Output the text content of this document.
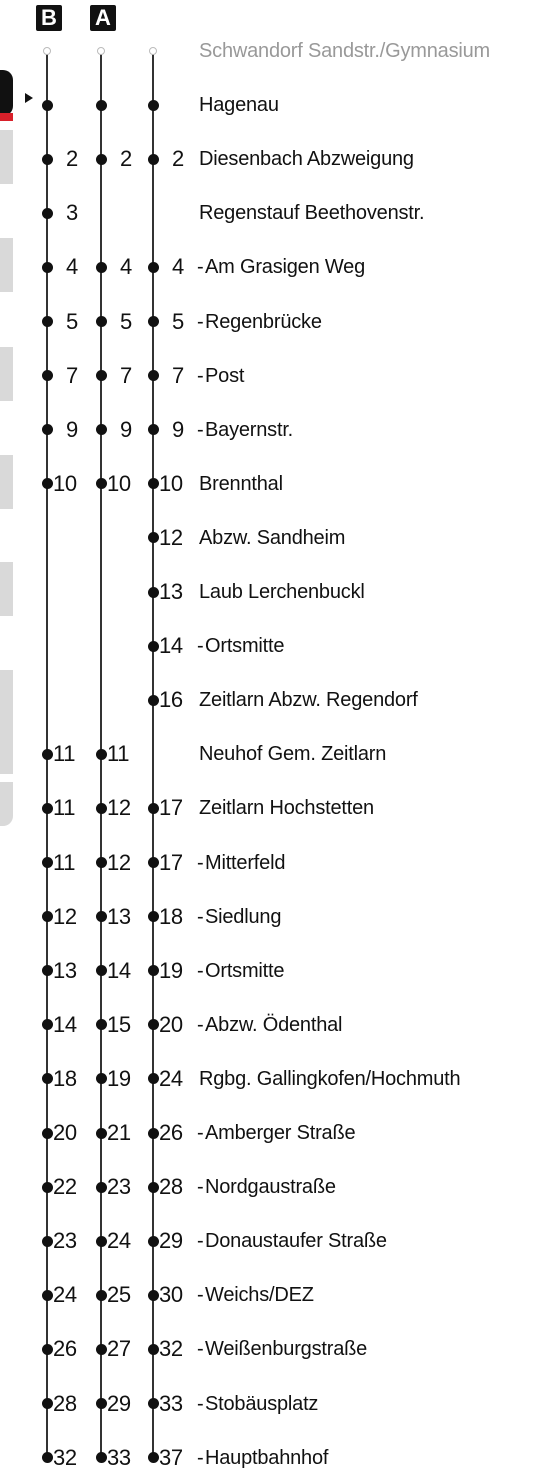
B A
Schwandorf Sandstr./Gymnasium
Hagenau
2 2 2 Diesenbach Abzweigung
3	Regenstauf Beethovenstr.
4 4 4 - Am Grasigen Weg
5 5 5 - Regenbrücke
7 7 7 - Post
9 9 9 - Bayernstr.
10 10 10 Brennthal
12 Abzw. Sandheim
13 Laub Lerchenbuckl
14 - Ortsmitte
16 Zeitlarn Abzw. Regendorf
11 11	Neuhof Gem. Zeitlarn
11 12 17 Zeitlarn Hochstetten
11 12 17 - Mitterfeld
12 13 18 - Siedlung
13 14 19 - Ortsmitte
14 15 20 - Abzw. Ödenthal
18 19 24 Rgbg. Gallingkofen/Hochmuth
20 21 26 - Amberger Straße
22 23 28 - Nordgaustraße
23 24 29 - Donaustaufer Straße
24 25 30 - Weichs/DEZ
26 27 32 - Weißenburgstraße
28 29 33 - Stobäusplatz
32 33 37 - Hauptbahnhof
